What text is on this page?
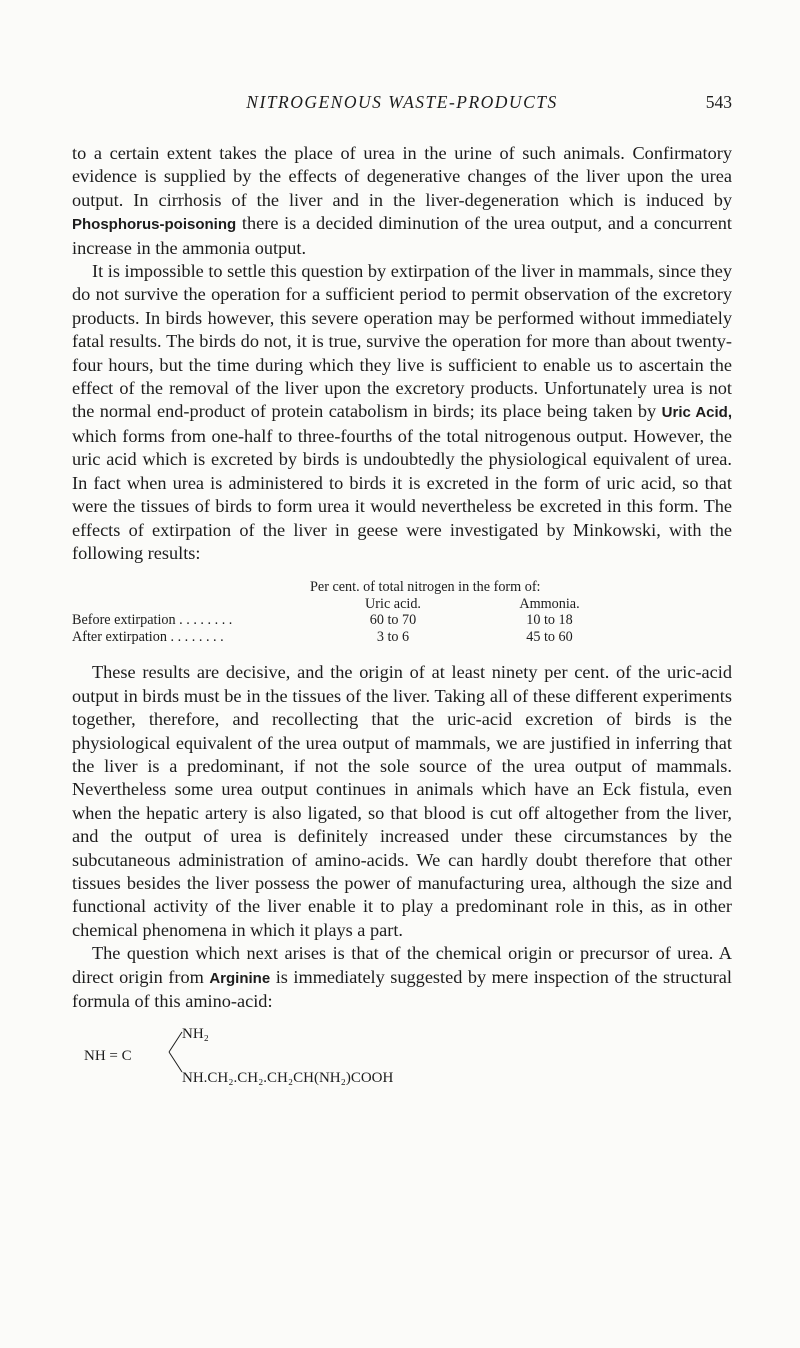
NITROGENOUS WASTE-PRODUCTS	543

to a certain extent takes the place of urea in the urine of such animals. Confirmatory evidence is supplied by the effects of degenerative changes of the liver upon the urea output. In cirrhosis of the liver and in the liver-degeneration which is induced by Phosphorus-poisoning there is a decided diminution of the urea output, and a concurrent increase in the ammonia output.

It is impossible to settle this question by extirpation of the liver in mammals, since they do not survive the operation for a sufficient period to permit observation of the excretory products. In birds however, this severe operation may be performed without immediately fatal results. The birds do not, it is true, survive the operation for more than about twenty-four hours, but the time during which they live is sufficient to enable us to ascertain the effect of the removal of the liver upon the excretory products. Unfortunately urea is not the normal end-product of protein catabolism in birds; its place being taken by Uric Acid, which forms from one-half to three-fourths of the total nitrogenous output. However, the uric acid which is excreted by birds is undoubtedly the physiological equivalent of urea. In fact when urea is administered to birds it is excreted in the form of uric acid, so that were the tissues of birds to form urea it would nevertheless be excreted in this form. The effects of extirpation of the liver in geese were investigated by Minkowski, with the following results:

Per cent. of total nitrogen in the form of:
Uric acid.	Ammonia.
Before extirpation . . . . . . . .	60 to 70	10 to 18
After extirpation . . . . . . . .	3 to 6	45 to 60

These results are decisive, and the origin of at least ninety per cent. of the uric-acid output in birds must be in the tissues of the liver. Taking all of these different experiments together, therefore, and recollecting that the uric-acid excretion of birds is the physiological equivalent of the urea output of mammals, we are justified in inferring that the liver is a predominant, if not the sole source of the urea output of mammals. Nevertheless some urea output continues in animals which have an Eck fistula, even when the hepatic artery is also ligated, so that blood is cut off altogether from the liver, and the output of urea is definitely increased under these circumstances by the subcutaneous administration of amino-acids. We can hardly doubt therefore that other tissues besides the liver possess the power of manufacturing urea, although the size and functional activity of the liver enable it to play a predominant role in this, as in other chemical phenomena in which it plays a part.

The question which next arises is that of the chemical origin or precursor of urea. A direct origin from Arginine is immediately suggested by mere inspection of the structural formula of this amino-acid:

NH = C
NH₂
NH.CH₂.CH₂.CH₂CH(NH₂)COOH
